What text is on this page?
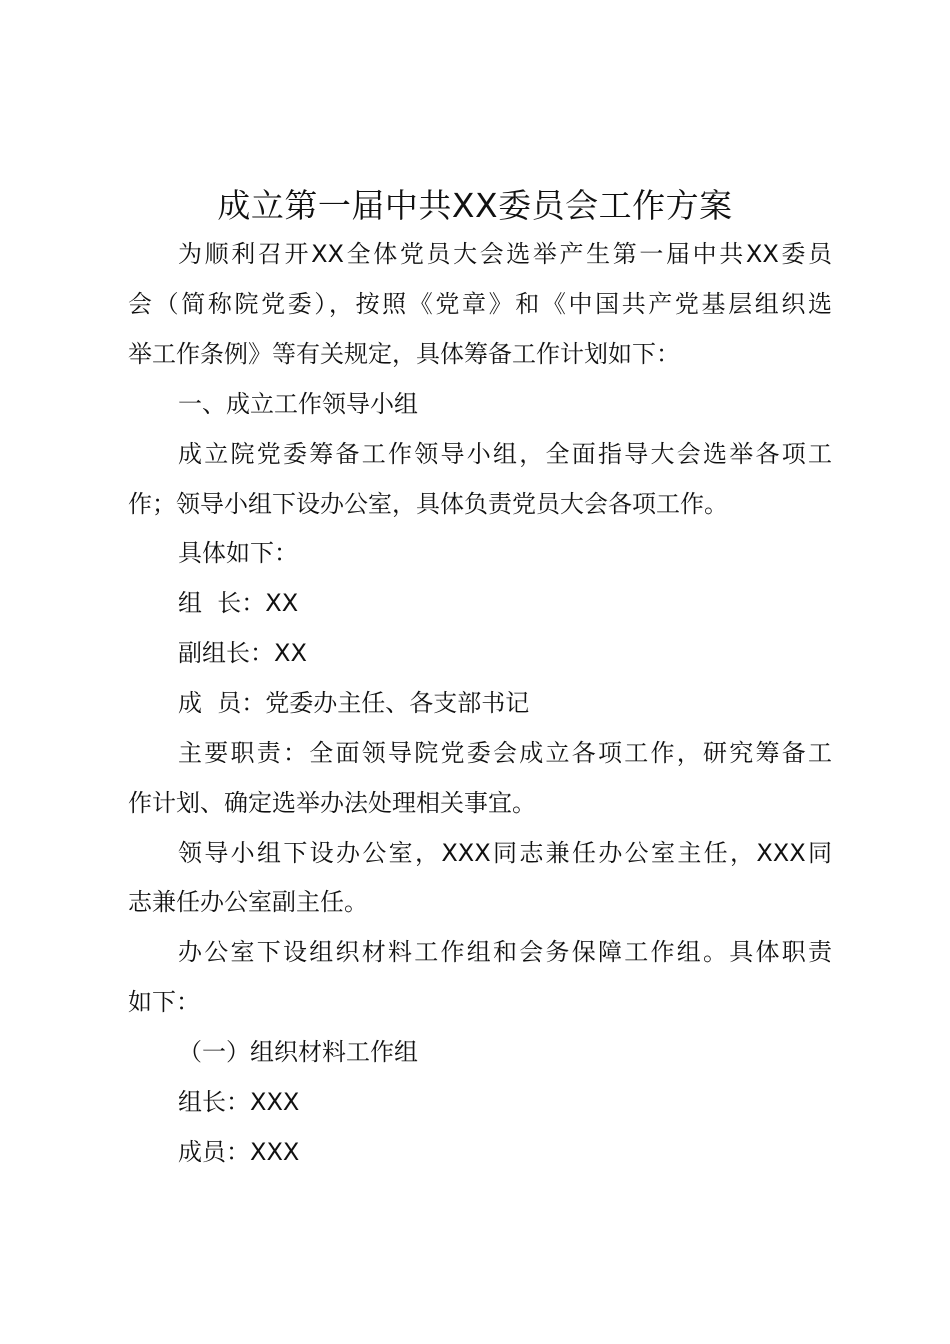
成立第一届中共XX委员会工作方案
为顺利召开XX全体党员大会选举产生第一届中共XX委员
会（简称院党委），按照《党章》和《中国共产党基层组织选
举工作条例》等有关规定，具体筹备工作计划如下：
一、成立工作领导小组
成立院党委筹备工作领导小组，全面指导大会选举各项工
作；领导小组下设办公室，具体负责党员大会各项工作。
具体如下：
组  长：XX
副组长：XX
成  员：党委办主任、各支部书记
主要职责：全面领导院党委会成立各项工作，研究筹备工
作计划、确定选举办法处理相关事宜。
领导小组下设办公室，XXX同志兼任办公室主任，XXX同
志兼任办公室副主任。
办公室下设组织材料工作组和会务保障工作组。具体职责
如下：
（一）组织材料工作组
组长：XXX
成员：XXX
